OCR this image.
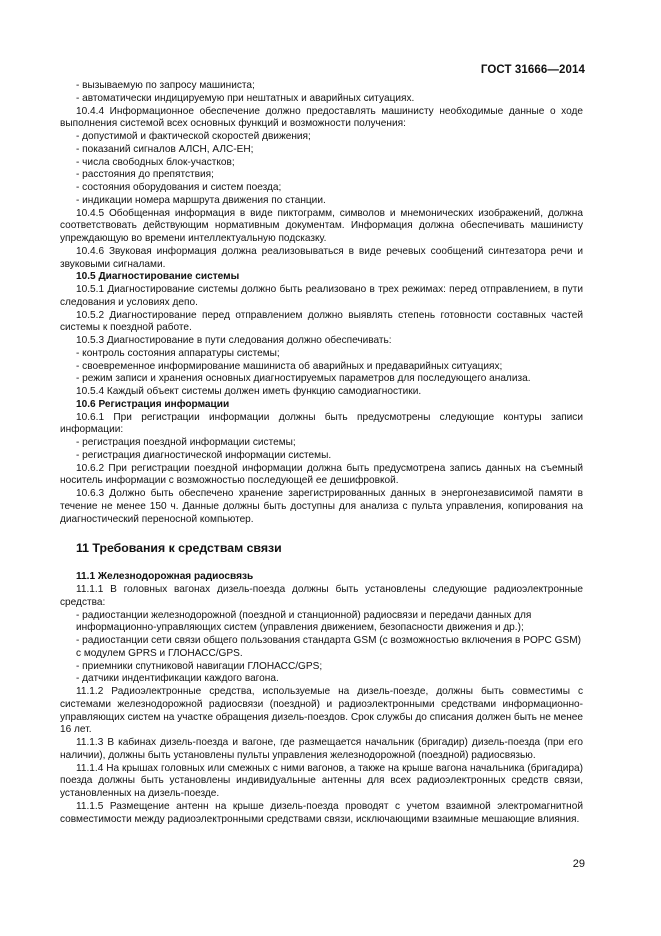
ГОСТ 31666—2014

- вызываемую по запросу машиниста;

- автоматически индицируемую при нештатных и аварийных ситуациях.

10.4.4 Информационное обеспечение должно предоставлять машинисту необходимые данные о ходе выполнения системой всех основных функций и возможности получения:

- допустимой и фактической скоростей движения;

- показаний сигналов АЛСН, АЛС-ЕН;

- числа свободных блок-участков;

- расстояния до препятствия;

- состояния оборудования и систем поезда;

- индикации номера маршрута движения по станции.

10.4.5 Обобщенная информация в виде пиктограмм, символов и мнемонических изображений, должна соответствовать действующим нормативным документам. Информация должна обеспечивать машинисту упреждающую во времени интеллектуальную подсказку.

10.4.6 Звуковая информация должна реализовываться в виде речевых сообщений синтезатора речи и звуковыми сигналами.

10.5 Диагностирование системы

10.5.1 Диагностирование системы должно быть реализовано в трех режимах: перед отправлением, в пути следования и условиях депо.

10.5.2 Диагностирование перед отправлением должно выявлять степень готовности составных частей системы к поездной работе.

10.5.3 Диагностирование в пути следования должно обеспечивать:

- контроль состояния аппаратуры системы;

- своевременное информирование машиниста об аварийных и предаварийных ситуациях;

- режим записи и хранения основных диагностируемых параметров для последующего анализа.

10.5.4 Каждый объект системы должен иметь функцию самодиагностики.

10.6 Регистрация информации

10.6.1 При регистрации информации должны быть предусмотрены следующие контуры записи информации:

- регистрация поездной информации системы;

- регистрация диагностической информации системы.

10.6.2 При регистрации поездной информации должна быть предусмотрена запись данных на съемный носитель информации с возможностью последующей ее дешифровкой.

10.6.3 Должно быть обеспечено хранение зарегистрированных данных в энергонезависимой памяти в течение не менее 150 ч. Данные должны быть доступны для анализа с пульта управления, копирования на диагностический переносной компьютер.

11 Требования к средствам связи

11.1 Железнодорожная радиосвязь

11.1.1 В головных вагонах дизель-поезда должны быть установлены следующие радиоэлектронные средства:

- радиостанции железнодорожной (поездной и станционной) радиосвязи и передачи данных для информационно-управляющих систем (управления движением, безопасности движения и др.);

- радиостанции сети связи общего пользования стандарта GSM (с возможностью включения в POPC GSM) с модулем GPRS и ГЛОНАСС/GPS.

- приемники спутниковой навигации ГЛОНАСС/GPS;

- датчики индентификации каждого вагона.

11.1.2 Радиоэлектронные средства, используемые на дизель-поезде, должны быть совместимы с системами железнодорожной радиосвязи (поездной) и радиоэлектронными средствами информационно-управляющих систем на участке обращения дизель-поездов. Срок службы до списания должен быть не менее 16 лет.

11.1.3 В кабинах дизель-поезда и вагоне, где размещается начальник (бригадир) дизель-поезда (при его наличии), должны быть установлены пульты управления железнодорожной (поездной) радиосвязью.

11.1.4 На крышах головных или смежных с ними вагонов, а также на крыше вагона начальника (бригадира) поезда должны быть установлены индивидуальные антенны для всех радиоэлектронных средств связи, установленных на дизель-поезде.

11.1.5 Размещение антенн на крыше дизель-поезда проводят с учетом взаимной электромагнитной совместимости между радиоэлектронными средствами связи, исключающими взаимные мешающие влияния.

29
